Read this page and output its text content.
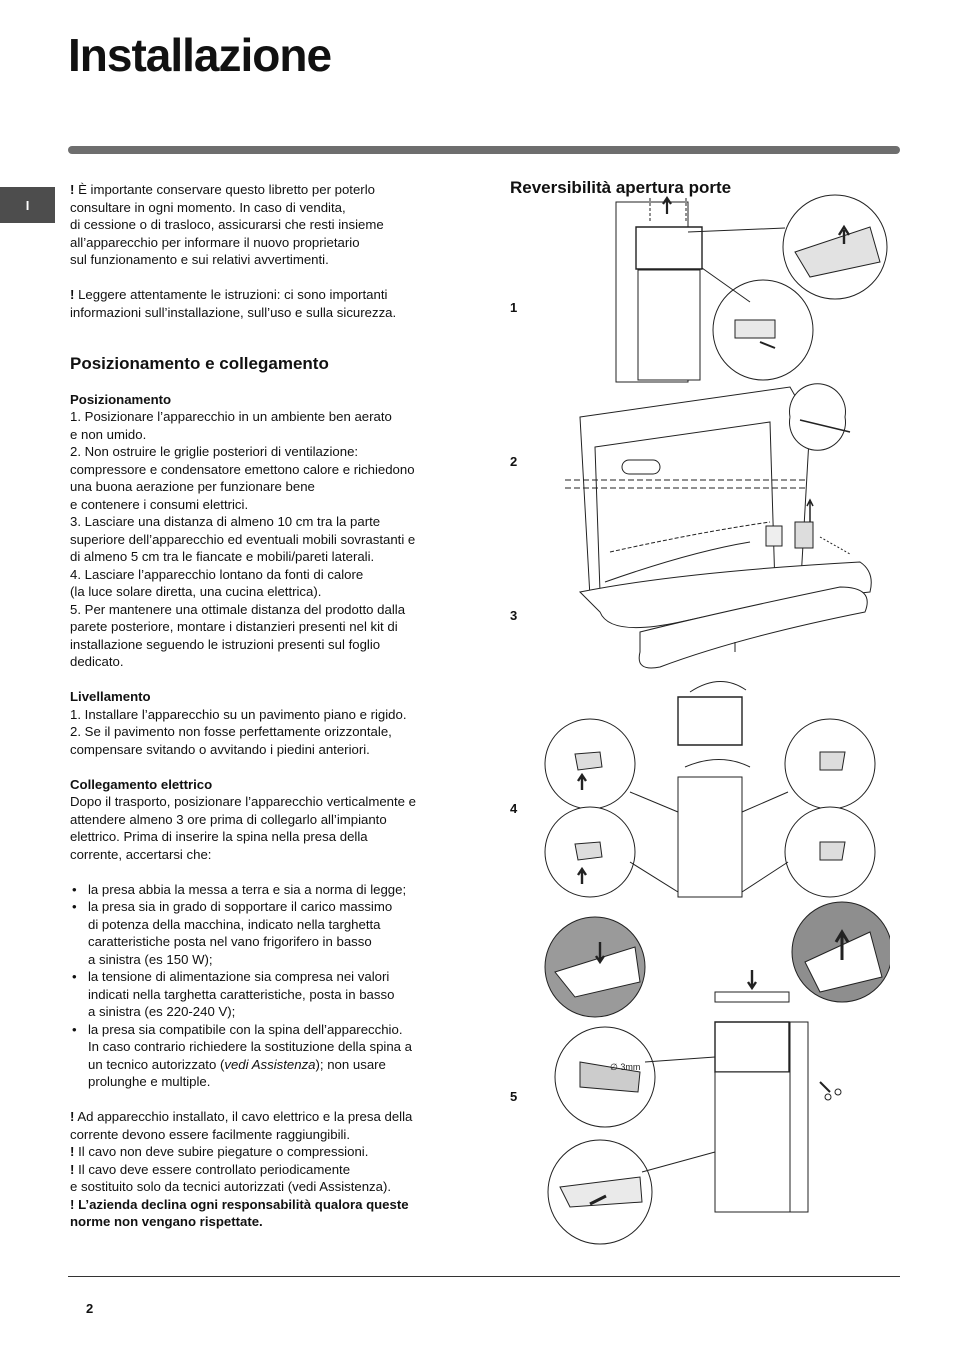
Installazione
I

! È importante conservare questo libretto per poterlo
consultare in ogni momento. In caso di vendita,
di cessione o di trasloco, assicurarsi che resti insieme
all’apparecchio per informare il nuovo proprietario
sul funzionamento e sui relativi avvertimenti.

! Leggere attentamente le istruzioni: ci sono importanti
informazioni sull’installazione, sull’uso e sulla sicurezza.

Posizionamento e collegamento

Posizionamento

1. Posizionare l’apparecchio in un ambiente ben aerato
e non umido.
2. Non ostruire le griglie posteriori di ventilazione:
compressore e condensatore emettono calore e richiedono
una buona aerazione per funzionare bene
e contenere i consumi elettrici.
3. Lasciare una distanza di almeno 10 cm tra la parte
superiore dell’apparecchio ed eventuali mobili sovrastanti e
di almeno 5 cm tra le fiancate e mobili/pareti laterali.
4. Lasciare l’apparecchio lontano da fonti di calore
(la luce solare diretta, una cucina elettrica).
5. Per mantenere una ottimale distanza del prodotto dalla
parete posteriore, montare i distanzieri presenti nel kit di
installazione seguendo le istruzioni presenti sul foglio
dedicato.

Livellamento

1. Installare l’apparecchio su un pavimento piano e rigido.
2. Se il pavimento non fosse perfettamente orizzontale,
compensare svitando o avvitando i piedini anteriori.

Collegamento elettrico

Dopo il trasporto, posizionare l’apparecchio verticalmente e
attendere almeno 3 ore prima di collegarlo all’impianto
elettrico. Prima di inserire la spina nella presa della
corrente, accertarsi che:

• la presa abbia la messa a terra e sia a norma di legge;
• la presa sia in grado di sopportare il carico massimo
di potenza della macchina, indicato nella targhetta
caratteristiche posta nel vano frigorifero in basso
a sinistra (es 150 W);
• la tensione di alimentazione sia compresa nei valori
indicati nella targhetta caratteristiche, posta in basso
a sinistra (es 220-240 V);
• la presa sia compatibile con la spina dell’apparecchio.
In caso contrario richiedere la sostituzione della spina a
un tecnico autorizzato (vedi Assistenza); non usare
prolunghe e multiple.

! Ad apparecchio installato, il cavo elettrico e la presa della
corrente devono essere facilmente raggiungibili.

! Il cavo non deve subire piegature o compressioni.

! Il cavo deve essere controllato periodicamente
e sostituito solo da tecnici autorizzati (vedi Assistenza).

! L’azienda declina ogni responsabilità qualora queste
norme non vengano rispettate.

Reversibilità apertura porte
1
2
3
4
5
∅ 3mm
2
